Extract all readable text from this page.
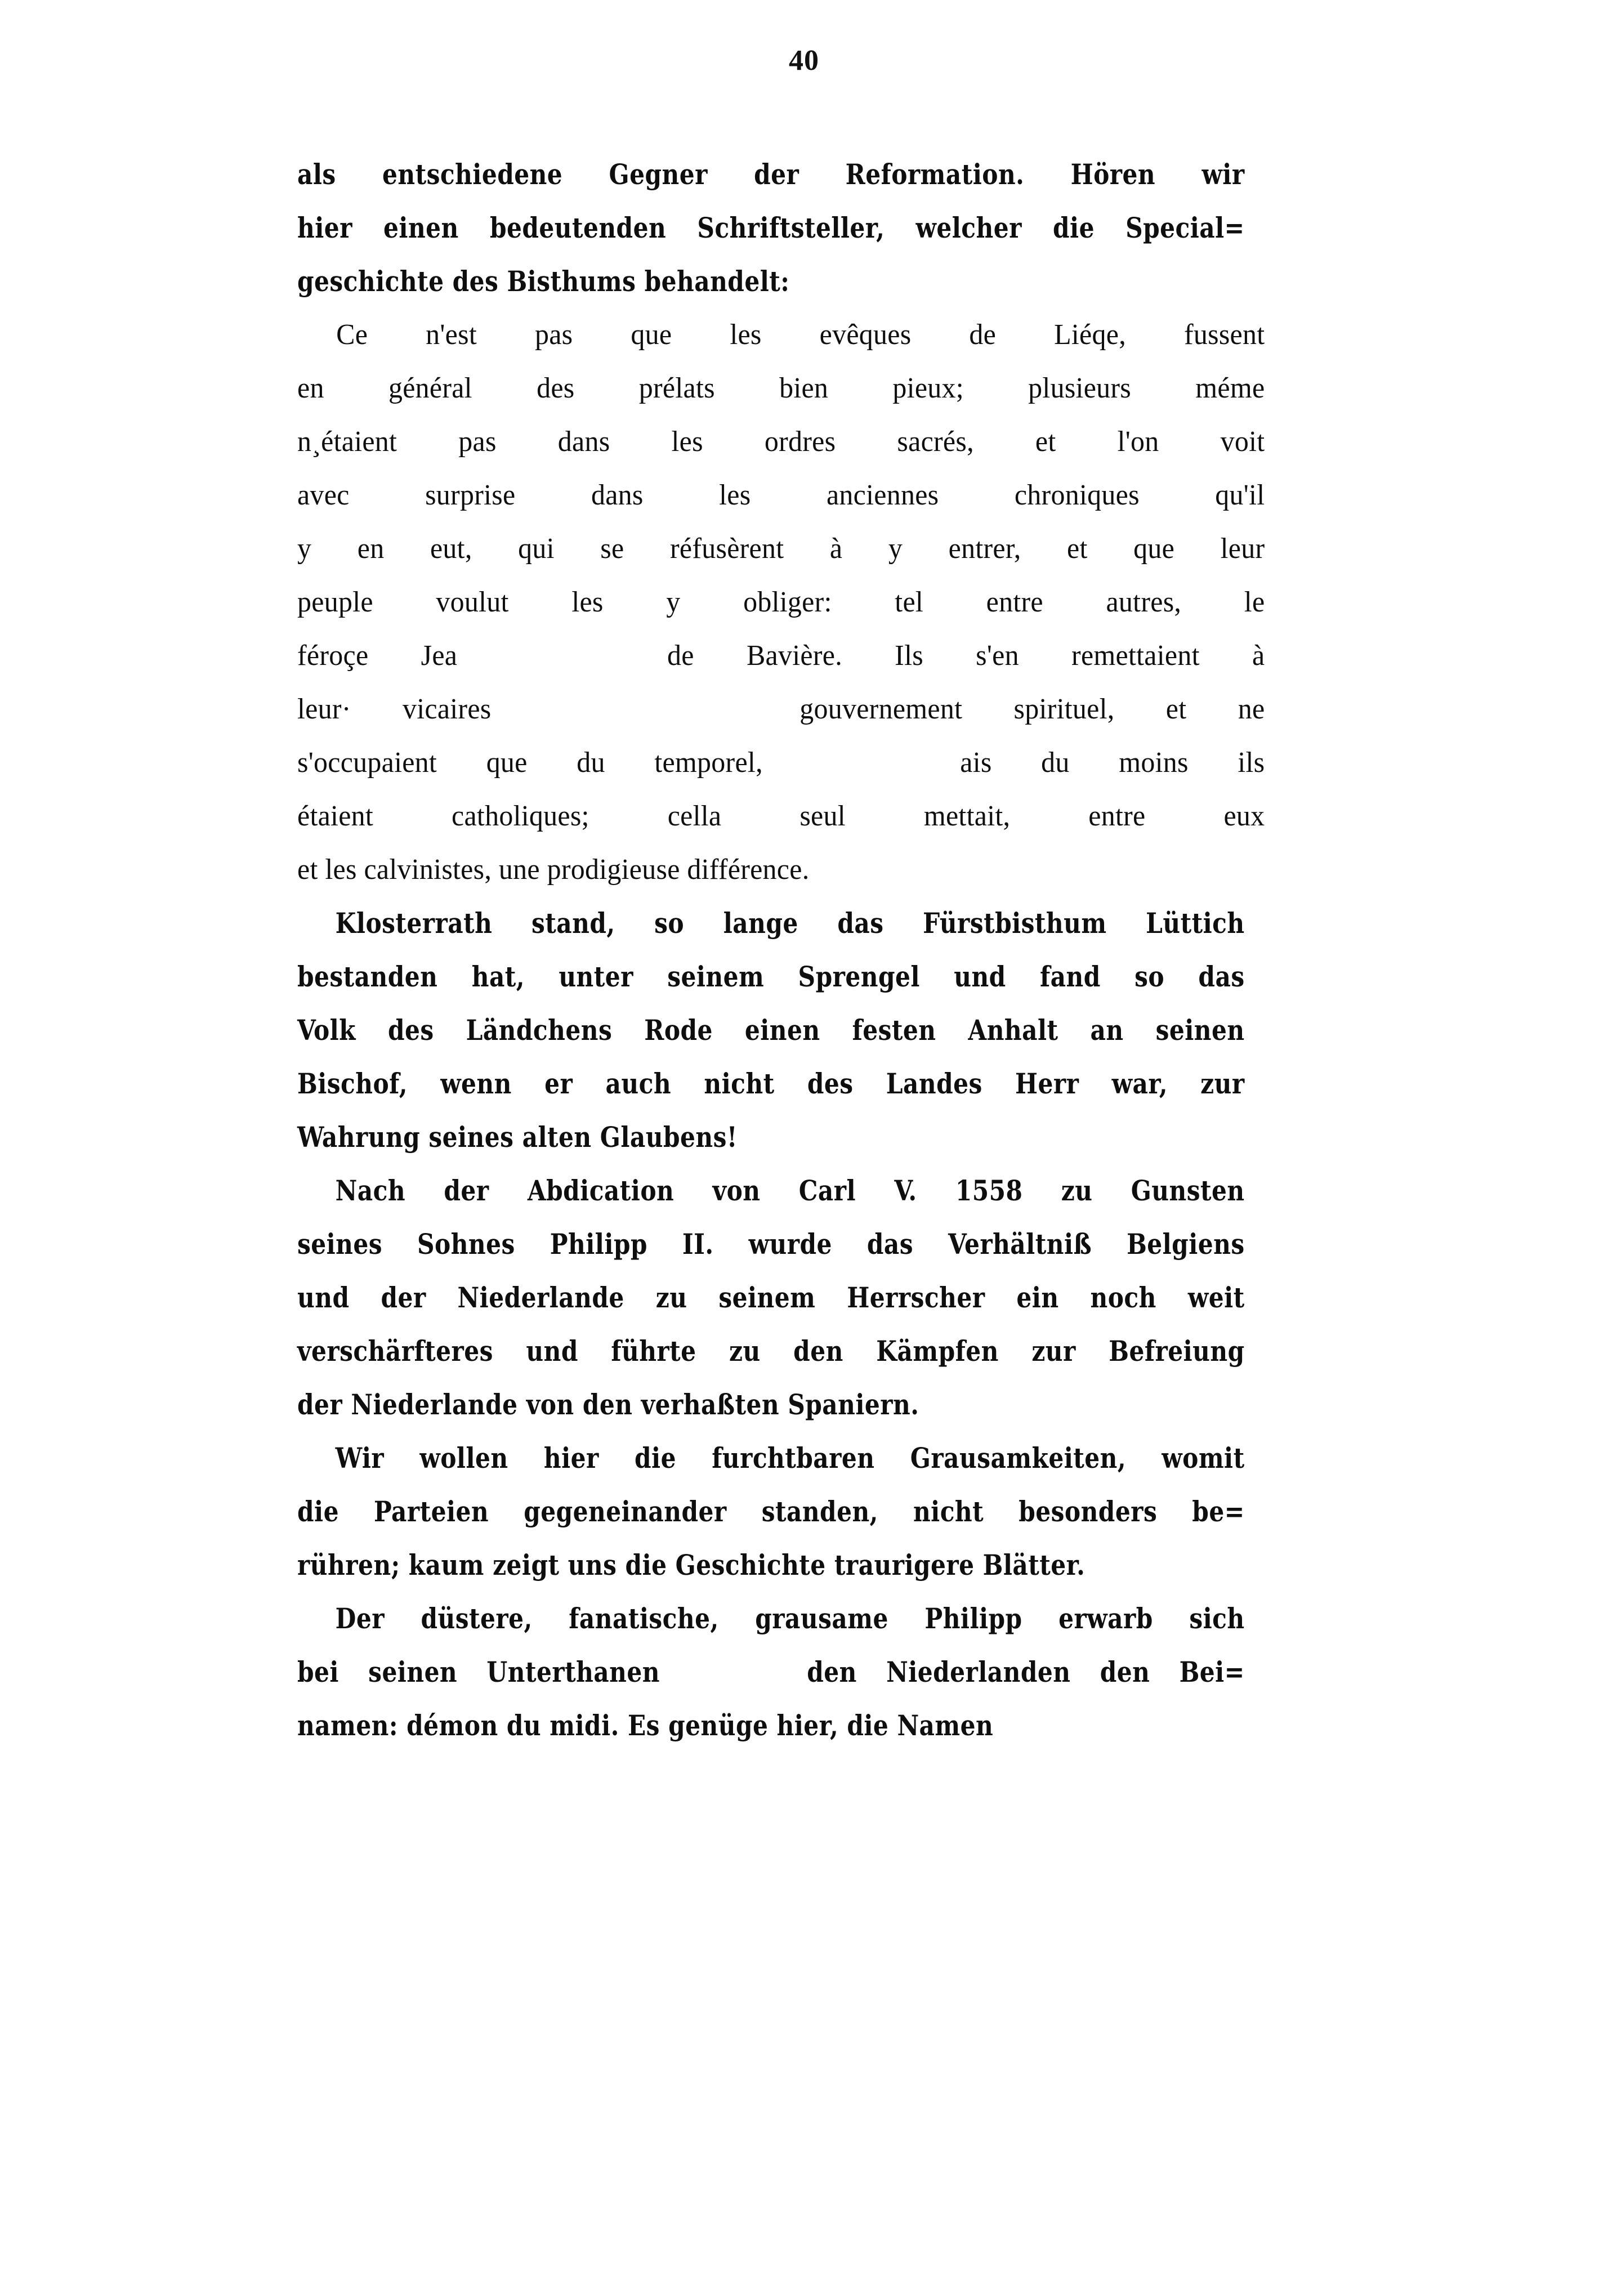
40
als entschiedene Gegner der Reformation. Hören wir
hier einen bedeutenden Schriftsteller, welcher die Special=
geschichte des Bisthums behandelt:
Ce n'est pas que les evêques de Liéqe, fussent
en général des prélats bien pieux; plusieurs méme
n¸étaient pas dans les ordres sacrés, et l'on voit
avec surprise dans les anciennes chroniques qu'il
y en eut, qui se réfusèrent à y entrer, et que leur
peuple voulut les y obliger: tel entre autres, le
féroçe Jea    de Bavière. Ils s'en remettaient à
leur· vicaires      gouvernement spirituel, et ne
s'occupaient que du temporel,    ais du moins ils
étaient catholiques; cella seul mettait, entre eux
et les calvinistes, une prodigieuse différence.
Klosterrath stand, so lange das Fürstbisthum Lüttich
bestanden hat, unter seinem Sprengel und fand so das
Volk des Ländchens Rode einen festen Anhalt an seinen
Bischof, wenn er auch nicht des Landes Herr war, zur
Wahrung seines alten Glaubens!
Nach der Abdication von Carl V. 1558 zu Gunsten
seines Sohnes Philipp II. wurde das Verhältniß Belgiens
und der Niederlande zu seinem Herrscher ein noch weit
verschärfteres und führte zu den Kämpfen zur Befreiung
der Niederlande von den verhaßten Spaniern.
Wir wollen hier die furchtbaren Grausamkeiten, womit
die Parteien gegeneinander standen, nicht besonders be=
rühren; kaum zeigt uns die Geschichte traurigere Blätter.
Der düstere, fanatische, grausame Philipp erwarb sich
bei seinen Unterthanen     den Niederlanden den Bei=
namen: démon du midi. Es genüge hier, die Namen
